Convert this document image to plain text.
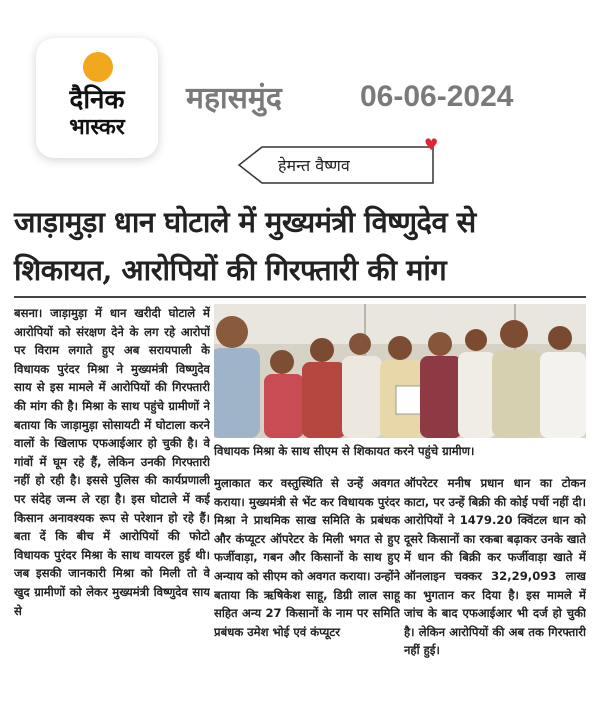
दैनिक
भास्कर
महासमुंद	06-06-2024
हेमन्त वैष्णव
♥
जाड़ामुड़ा धान घोटाले में मुख्यमंत्री विष्णुदेव से
शिकायत, आरोपियों की गिरफ्तारी की मांग
बसना। जाड़ामुड़ा में धान खरीदी घोटाले में आरोपियों को संरक्षण देने के लग रहे आरोपों पर विराम लगाते हुए अब सरायपाली के विधायक पुरंदर मिश्रा ने मुख्यमंत्री विष्णुदेव साय से इस मामले में आरोपियों की गिरफ्तारी की मांग की है। मिश्रा के साथ पहुंचे ग्रामीणों ने बताया कि जाड़ामुड़ा सोसायटी में घोटाला करने वालों के खिलाफ एफआईआर हो चुकी है। वे गांवों में घूम रहे हैं, लेकिन उनकी गिरफ्तारी नहीं हो रही है। इससे पुलिस की कार्यप्रणाली पर संदेह जन्म ले रहा है। इस घोटाले में कई किसान अनावश्यक रूप से परेशान हो रहे हैं। बता दें कि बीच में आरोपियों की फोटो विधायक पुरंदर मिश्रा के साथ वायरल हुई थी। जब इसकी जानकारी मिश्रा को मिली तो वे खुद ग्रामीणों को लेकर मुख्यमंत्री विष्णुदेव साय से
विधायक मिश्रा के साथ सीएम से शिकायत करने पहुंचे ग्रामीण।
मुलाकात कर वस्तुस्थिति से उन्हें अवगत कराया। मुख्यमंत्री से भेंट कर विधायक पुरंदर मिश्रा ने प्राथमिक साख समिति के प्रबंधक और कंप्यूटर ऑपरेटर के मिली भगत से हुए फर्जीवाड़ा, गबन और किसानों के साथ हुए अन्याय को सीएम को अवगत कराया। उन्होंने बताया कि ऋषिकेश साहू, डिग्री लाल साहू सहित अन्य 27 किसानों के नाम पर समिति प्रबंधक उमेश भोई एवं कंप्यूटर
ऑपरेटर मनीष प्रधान धान का टोकन काटा, पर उन्हें बिक्री की कोई पर्ची नहीं दी। आरोपियों ने 1479.20 क्विंटल धान को दूसरे किसानों का रकबा बढ़ाकर उनके खाते में धान की बिक्री कर फर्जीवाड़ा खाते में ऑनलाइन चक्कर 32,29,093 लाख का भुगतान कर दिया है। इस मामले में जांच के बाद एफआईआर भी दर्ज हो चुकी है। लेकिन आरोपियों की अब तक गिरफ्तारी नहीं हुई।
